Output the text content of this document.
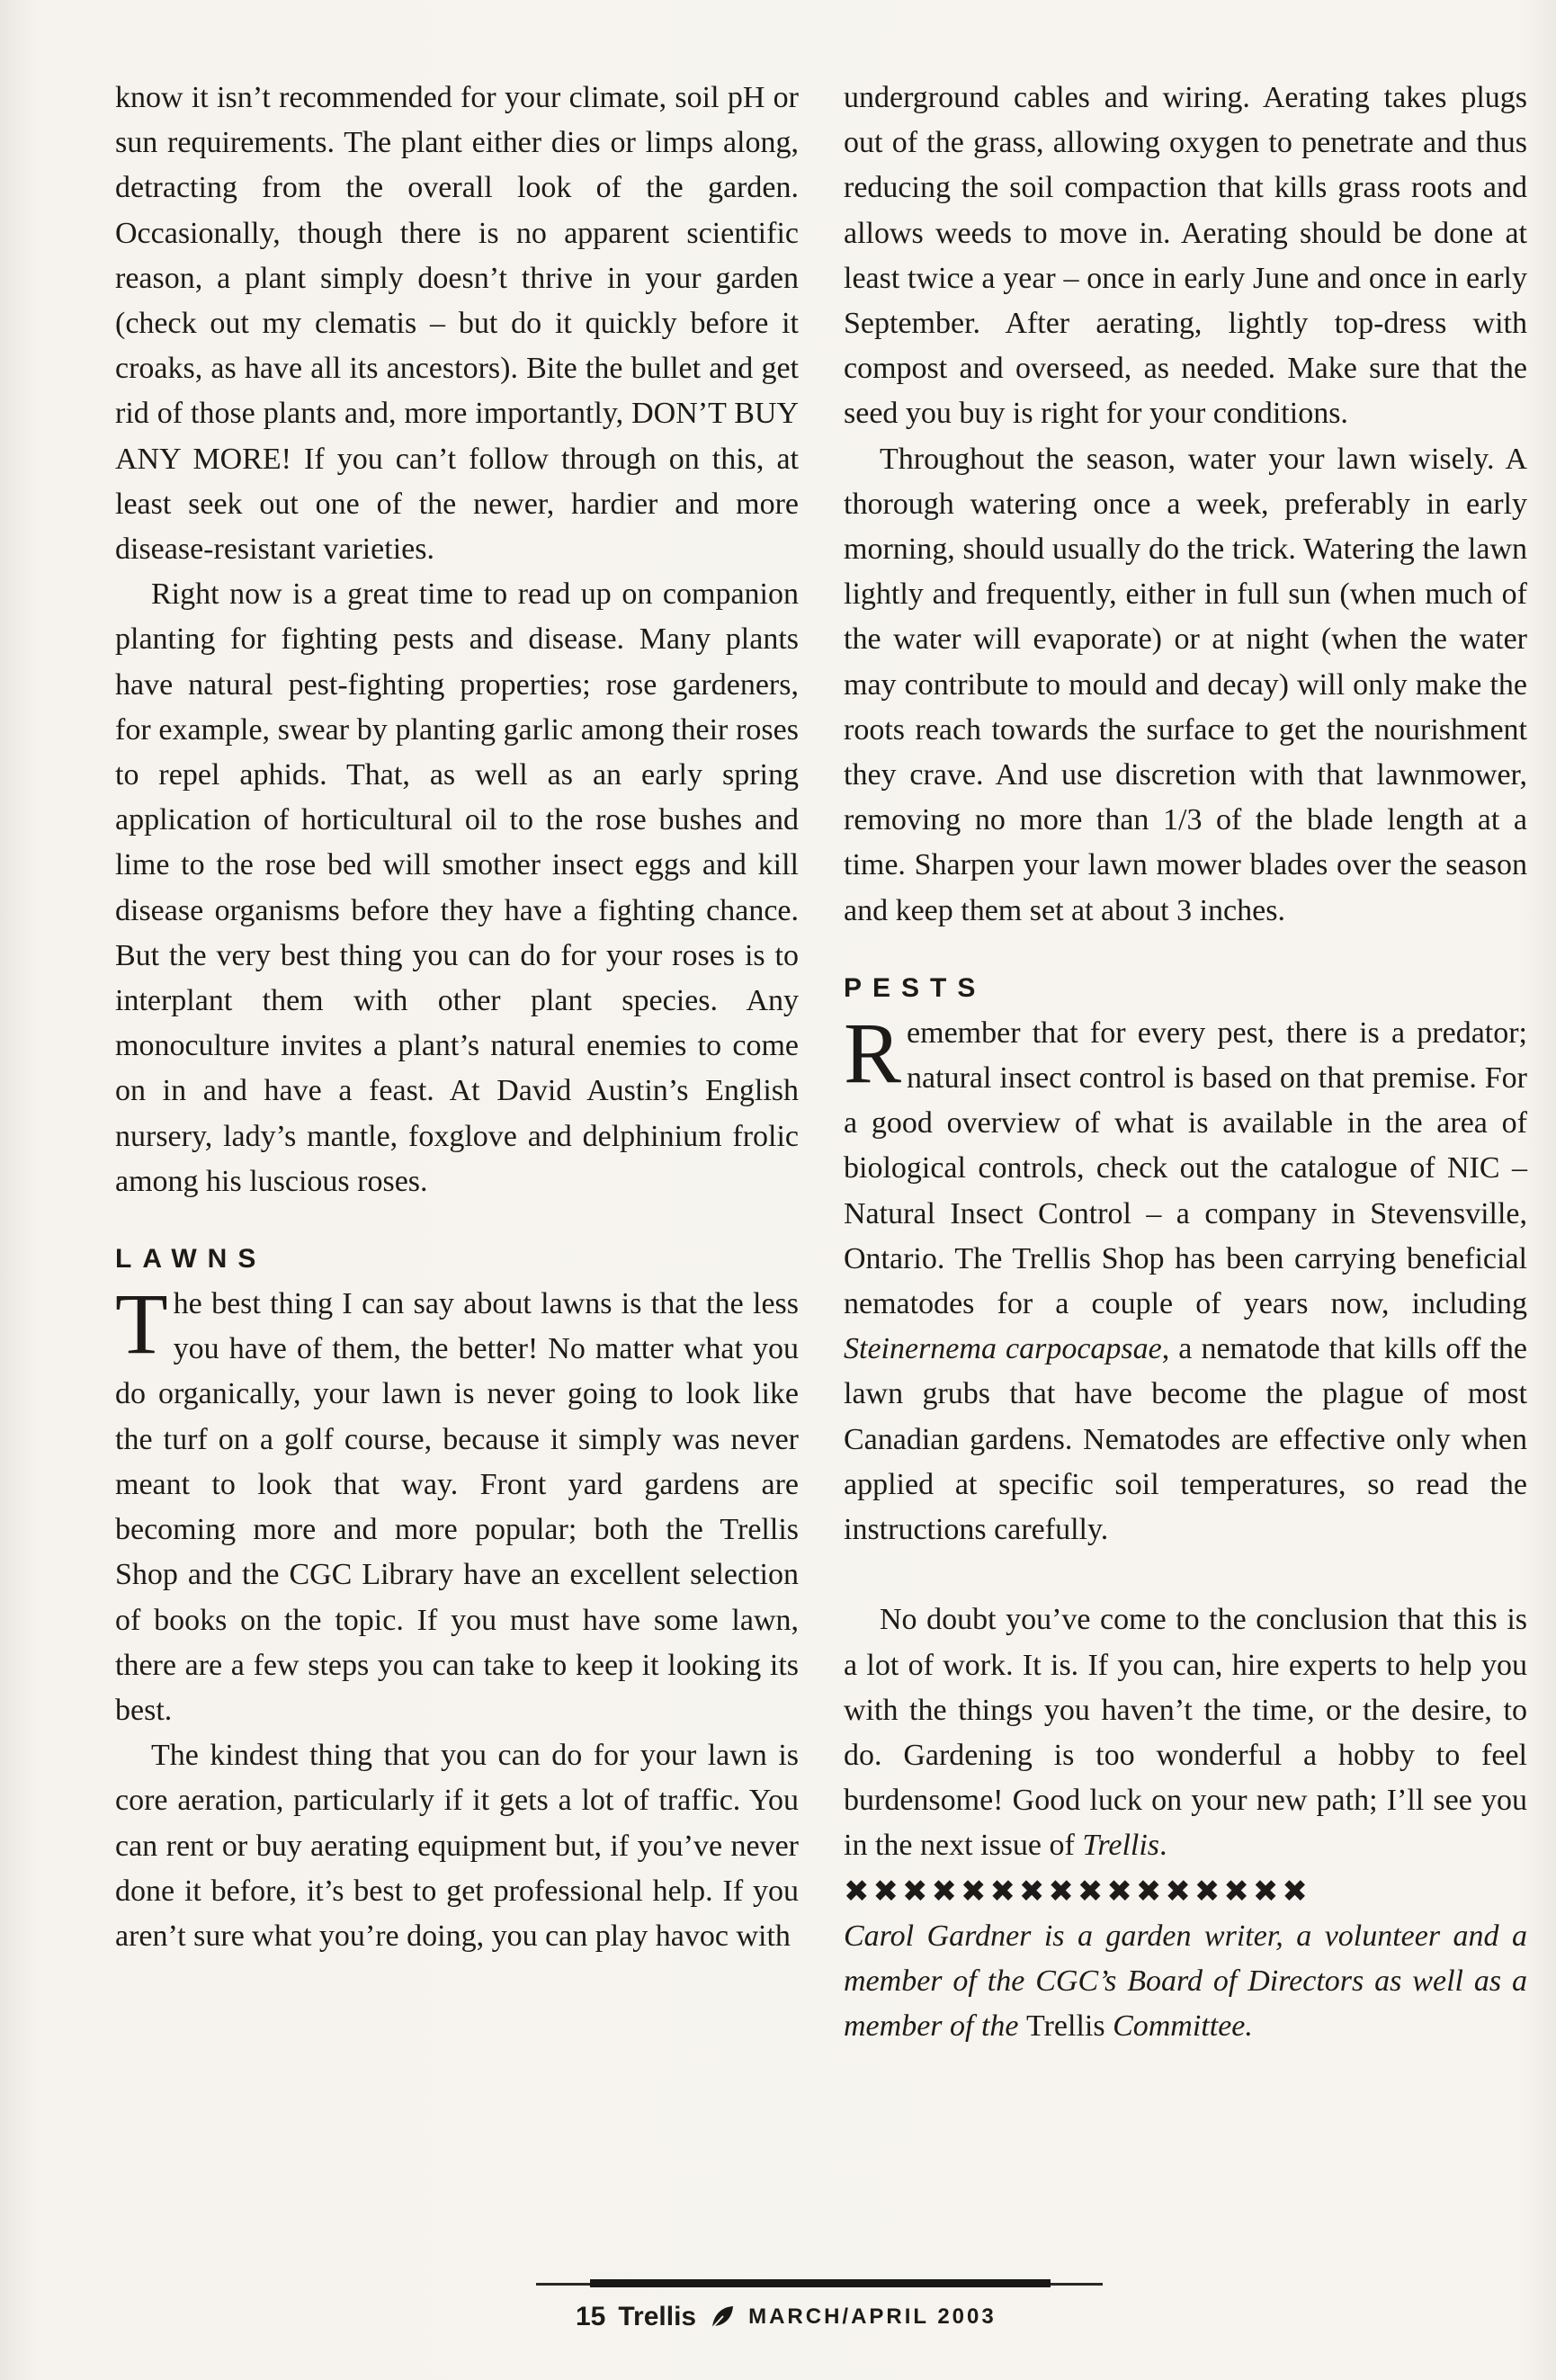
know it isn’t recommended for your climate, soil pH or sun requirements. The plant either dies or limps along, detracting from the overall look of the garden. Occasionally, though there is no apparent scientific reason, a plant simply doesn’t thrive in your garden (check out my clematis – but do it quickly before it croaks, as have all its ancestors). Bite the bullet and get rid of those plants and, more importantly, DON’T BUY ANY MORE! If you can’t follow through on this, at least seek out one of the newer, hardier and more disease-resistant varieties.

Right now is a great time to read up on companion planting for fighting pests and disease. Many plants have natural pest-fighting properties; rose gardeners, for example, swear by planting garlic among their roses to repel aphids. That, as well as an early spring application of horticultural oil to the rose bushes and lime to the rose bed will smother insect eggs and kill disease organisms before they have a fighting chance. But the very best thing you can do for your roses is to interplant them with other plant species. Any monoculture invites a plant’s natural enemies to come on in and have a feast. At David Austin’s English nursery, lady’s mantle, foxglove and delphinium frolic among his luscious roses.

LAWNS

The best thing I can say about lawns is that the less you have of them, the better! No matter what you do organically, your lawn is never going to look like the turf on a golf course, because it simply was never meant to look that way. Front yard gardens are becoming more and more popular; both the Trellis Shop and the CGC Library have an excellent selection of books on the topic. If you must have some lawn, there are a few steps you can take to keep it looking its best.

The kindest thing that you can do for your lawn is core aeration, particularly if it gets a lot of traffic. You can rent or buy aerating equipment but, if you’ve never done it before, it’s best to get professional help. If you aren’t sure what you’re doing, you can play havoc with

underground cables and wiring. Aerating takes plugs out of the grass, allowing oxygen to penetrate and thus reducing the soil compaction that kills grass roots and allows weeds to move in. Aerating should be done at least twice a year – once in early June and once in early September. After aerating, lightly top-dress with compost and overseed, as needed. Make sure that the seed you buy is right for your conditions.

Throughout the season, water your lawn wisely. A thorough watering once a week, preferably in early morning, should usually do the trick. Watering the lawn lightly and frequently, either in full sun (when much of the water will evaporate) or at night (when the water may contribute to mould and decay) will only make the roots reach towards the surface to get the nourishment they crave. And use discretion with that lawnmower, removing no more than 1/3 of the blade length at a time. Sharpen your lawn mower blades over the season and keep them set at about 3 inches.

PESTS

Remember that for every pest, there is a predator; natural insect control is based on that premise. For a good overview of what is available in the area of biological controls, check out the catalogue of NIC – Natural Insect Control – a company in Stevensville, Ontario. The Trellis Shop has been carrying beneficial nematodes for a couple of years now, including Steinernema carpocapsae, a nematode that kills off the lawn grubs that have become the plague of most Canadian gardens. Nematodes are effective only when applied at specific soil temperatures, so read the instructions carefully.

No doubt you’ve come to the conclusion that this is a lot of work. It is. If you can, hire experts to help you with the things you haven’t the time, or the desire, to do. Gardening is too wonderful a hobby to feel burdensome! Good luck on your new path; I’ll see you in the next issue of Trellis.

✖✖✖✖✖✖✖✖✖✖✖✖✖✖✖✖

Carol Gardner is a garden writer, a volunteer and a member of the CGC’s Board of Directors as well as a member of the Trellis Committee.

15 Trellis MARCH/APRIL 2003
